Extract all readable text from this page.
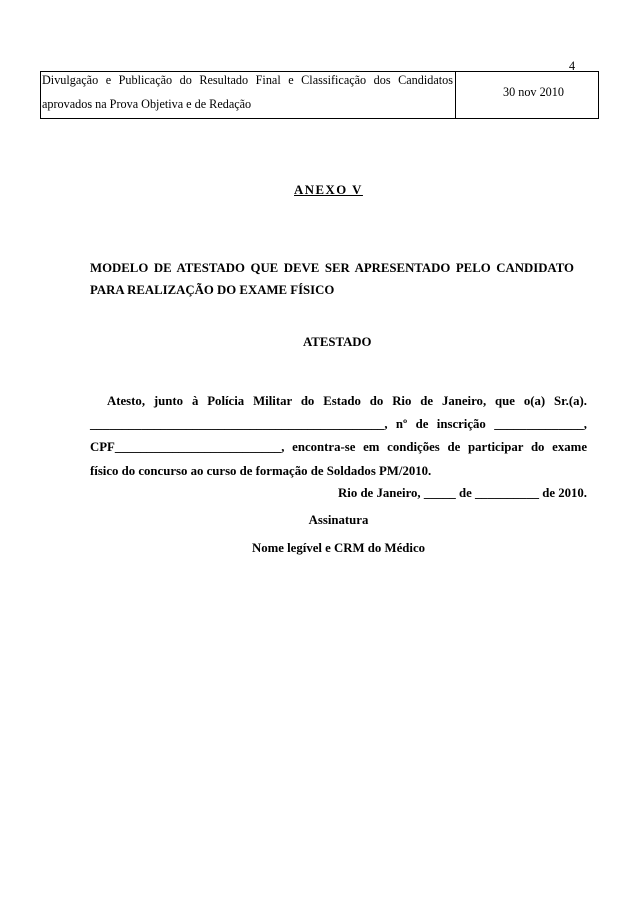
4
Divulgação e Publicação do Resultado Final e Classificação dos Candidatos aprovados na Prova Objetiva e de Redação
30 nov 2010
ANEXO V
MODELO DE ATESTADO QUE DEVE SER APRESENTADO PELO CANDIDATO PARA REALIZAÇÃO DO EXAME FÍSICO
ATESTADO
Atesto, junto à Polícia Militar do Estado do Rio de Janeiro, que o(a) Sr.(a).
______________________________________________, nº de inscrição ______________,
CPF__________________________, encontra-se em condições de participar do exame
físico do concurso ao curso de formação de Soldados PM/2010.
Rio de Janeiro, _____ de __________ de 2010.
Assinatura
Nome legível e CRM do Médico
